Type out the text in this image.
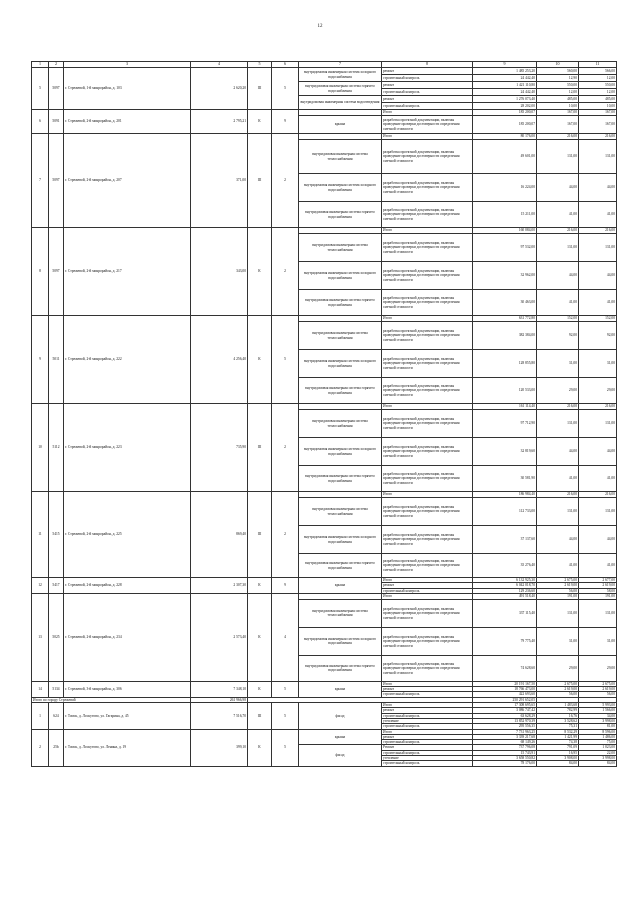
12
1	2	3	4	5	6	7	8	9	10	11
5	5097	г. Стрежевой, 1-й микрорайон, д. 103	2 620,20	III	5	внутридомовая инженерная система холодного водоснабжения	ремонт	1 485 253,20	560,00	566,00
							строительный контроль	24 442,40	12,90	12,00
						внутридомовая инженерная система горячего водоснабжения	ремонт	1 421 110,80	550,00	550,00
							строительный контроль	24 442,40	12,00	12,00
						внутридомовая инженерная система водоотведения	ремонт	1 276 073,40	485,00	485,00
							строительный контроль	28 202,00	10,00	10,00
6	5091	г. Стрежевой, 2-й микрорайон, д. 201	2 795,21	К	9		Итого	185 200,07	167,00	167,00
						крыша	разработка проектной документации, включая проведение проверки достоверности определения сметной стоимости	185 200,07	167,00	167,00
7	5097	г. Стрежевой, 2-й микрорайон, д. 207	371,00	III	2		Итого	80 176,00	216,00	216,00
						внутридомовая инженерная система теплоснабжения	разработка проектной документации, включая проведение проверки достоверности определения сметной стоимости	49 601,00	131,00	131,00
						внутридомовая инженерная система холодного водоснабжения	разработка проектной документации, включая проведение проверки достоверности определения сметной стоимости	16 224,00	44,00	44,00
						внутридомовая инженерная система горячего водоснабжения	разработка проектной документации, включая проведение проверки достоверности определения сметной стоимости	15 211,00	41,00	41,00
8	5097	г. Стрежевой, 2-й микрорайон, д. 217	343,00	К	2		Итого	160 084,00	216,00	216,00
						внутридомовая инженерная система теплоснабжения	разработка проектной документации, включая проведение проверки достоверности определения сметной стоимости	97 532,00	131,00	131,00
						внутридомовая инженерная система холодного водоснабжения	разработка проектной документации, включая проведение проверки достоверности определения сметной стоимости	32 962,00	44,00	44,00
						внутридомовая инженерная система горячего водоснабжения	разработка проектной документации, включая проведение проверки достоверности определения сметной стоимости	30 463,00	41,00	41,00
9	5011	г. Стрежевой, 2-й микрорайон, д. 222	4 256,40	К	5		Итого	631 772,80	152,00	152,00
						внутридомовая инженерная система теплоснабжения	разработка проектной документации, включая проведение проверки достоверности определения сметной стоимости	382 384,00	92,00	92,00
						внутридомовая инженерная система холодного водоснабжения	разработка проектной документации, включая проведение проверки достоверности определения сметной стоимости	128 855,80	31,00	31,00
						внутридомовая инженерная система горячего водоснабжения	разработка проектной документации, включая проведение проверки достоверности определения сметной стоимости	120 533,00	29,00	29,00
10	5112	г. Стрежевой, 2-й микрорайон, д. 223	735,90	III	2		Итого	161 114,40	216,00	216,00
						внутридомовая инженерная система теплоснабжения	разработка проектной документации, включая проведение проверки достоверности определения сметной стоимости	97 712,90	131,00	131,00
						внутридомовая инженерная система холодного водоснабжения	разработка проектной документации, включая проведение проверки достоверности определения сметной стоимости	32 819,60	44,00	44,00
						внутридомовая инженерная система горячего водоснабжения	разработка проектной документации, включая проведение проверки достоверности определения сметной стоимости	30 581,90	41,00	41,00
11	5415	г. Стрежевой, 2-й микрорайон, д. 225	869,40	III	2		Итого	186 984,40	216,00	216,00
						внутридомовая инженерная система теплоснабжения	разработка проектной документации, включая проведение проверки достоверности определения сметной стоимости	112 733,00	131,00	131,00
						внутридомовая инженерная система холодного водоснабжения	разработка проектной документации, включая проведение проверки достоверности определения сметной стоимости	37 137,60	44,00	44,00
						внутридомовая инженерная система горячего водоснабжения	разработка проектной документации, включая проведение проверки достоверности определения сметной стоимости	35 276,40	41,00	41,00
12	5417	г. Стрежевой, 2-й микрорайон, д. 228	2 307,30	К	9	крыша	Итого	6 132 925,30	2 675,00	2 677,00
							ремонт	6 042 018,70	2 619,00	2 619,00
							строительный контроль	129 236,60	56,00	58,00
13	5025	г. Стрежевой, 2-й микрорайон, д. 234	2 573,40	К	4		Итого	491 518,40	191,00	191,00
						внутридомовая инженерная система теплоснабжения	разработка проектной документации, включая проведение проверки достоверности определения сметной стоимости	337 115,40	131,00	131,00
						внутридомовая инженерная система холодного водоснабжения	разработка проектной документации, включая проведение проверки достоверности определения сметной стоимости	79 775,40	31,00	31,00
						внутридомовая инженерная система горячего водоснабжения	разработка проектной документации, включая проведение проверки достоверности определения сметной стоимости	74 628,60	29,00	29,00
14	5134	г. Стрежевой, 3-й микрорайон, д. 306	7 348,10	К	5	крыша	Итого	20 191 167,50	2 675,00	2 675,00
							ремонт	18 766 473,00	2 619,00	2 619,00
							строительный контроль	422 693,60	56,00	56,00
Итого по городу Стрежевой			261 966,98					250 291 652,05		
1	624	г. Томск, д. Лоскутово, ул. Гагарина, д. 45	7 516,70	III	5	фасад	Итого	17 308 695,65	1 483,68	5 993,00
							ремонт	3 086 747,42	782,99	1 566,00
							строительный контроль	63 628,29	16,76	34,00
							утепление	13 852 970,39	3 528,62	3 998,00
							строительный контроль	295 556,35	75,31	81,00
2	25b	г. Томск, д. Лоскутово, ул. Ленина, д. 19	399,10	К	5	крыша	Итого	7 731 963,25	8 532,29	8 596,00
							ремонт	3 339 217,68	1 421,99	1 486,00
							строительный контроль	68 149,26	74,38	75,00
						фасад	Ремонт	737 796,08	791,09	1 023,00
							строительный контроль	15 743,91	16,95	22,00
							утепление	3 658 550,82	3 908,00	3 998,00
							строительный контроль	78 176,00	84,00	84,00
